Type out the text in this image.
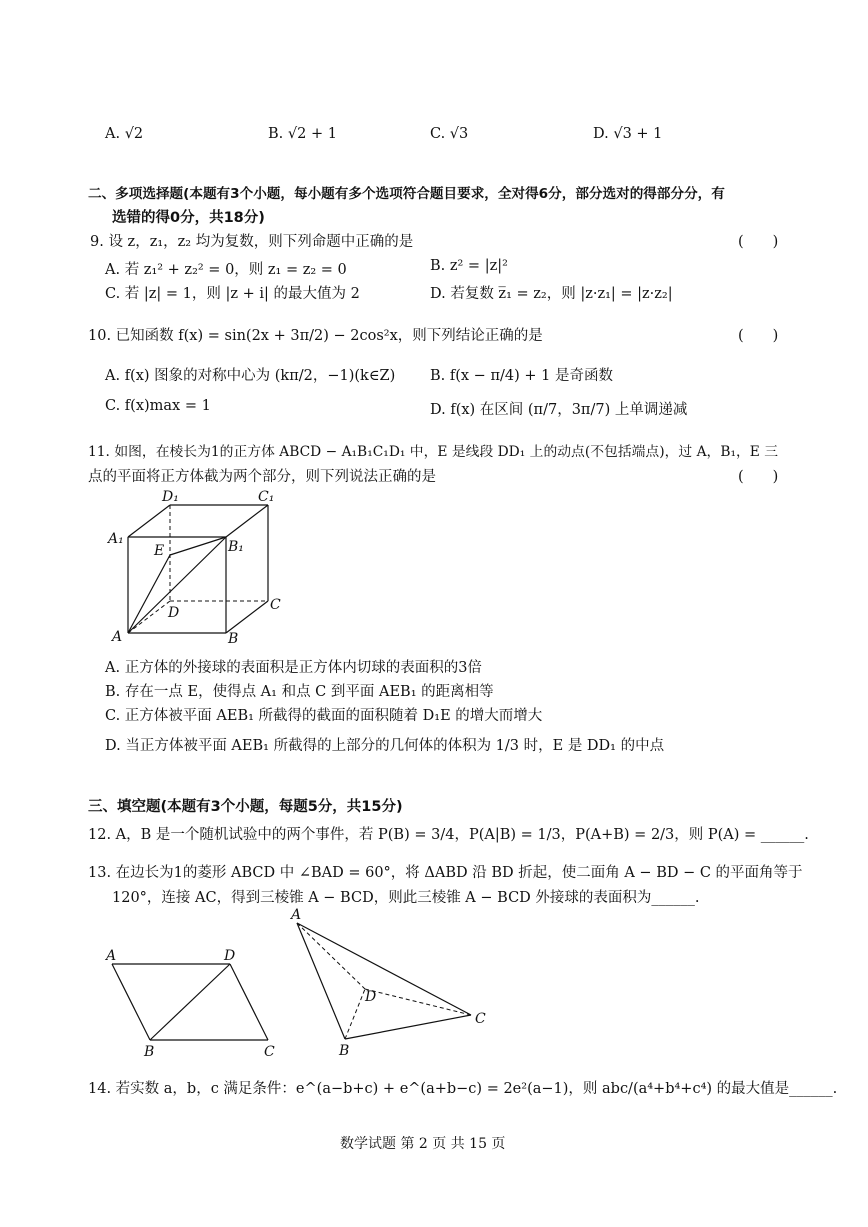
A. √2	B. √2 + 1	C. √3	D. √3 + 1
二、多项选择题(本题有3个小题，每小题有多个选项符合题目要求，全对得6分，部分选对的得部分分，有
选错的得0分，共18分)
9. 设 z，z₁，z₂ 均为复数，则下列命题中正确的是	(　　)
A. 若 z₁² + z₂² = 0，则 z₁ = z₂ = 0	B. z² = |z|²
C. 若 |z| = 1，则 |z + i| 的最大值为 2	D. 若复数 z̅₁ = z₂，则 |z·z₁| = |z·z₂|
10. 已知函数 f(x) = sin(2x + 3π/2) − 2cos²x，则下列结论正确的是	(　　)
A. f(x) 图象的对称中心为 (kπ/2，−1)(k∈Z) B. f(x − π/4) + 1 是奇函数
C. f(x)max = 1	D. f(x) 在区间 (π/7，3π/7) 上单调递减
11. 如图，在棱长为1的正方体 ABCD − A₁B₁C₁D₁ 中，E 是线段 DD₁ 上的动点(不包括端点)，过 A，B₁，E 三
点的平面将正方体截为两个部分，则下列说法正确的是	(　　)
D₁	C₁
A₁	B₁
E
D	C
A	B
A. 正方体的外接球的表面积是正方体内切球的表面积的3倍
B. 存在一点 E，使得点 A₁ 和点 C 到平面 AEB₁ 的距离相等
C. 正方体被平面 AEB₁ 所截得的截面的面积随着 D₁E 的增大而增大
D. 当正方体被平面 AEB₁ 所截得的上部分的几何体的体积为 1/3 时，E 是 DD₁ 的中点
三、填空题(本题有3个小题，每题5分，共15分)
12. A，B 是一个随机试验中的两个事件，若 P(B) = 3/4，P(A|B) = 1/3，P(A+B) = 2/3，则 P(A) = ______.
13. 在边长为1的菱形 ABCD 中 ∠BAD = 60°，将 ΔABD 沿 BD 折起，使二面角 A − BD − C 的平面角等于
120°，连接 AC，得到三棱锥 A − BCD，则此三棱锥 A − BCD 外接球的表面积为______.
A	D
B	C
A
D
C
B
14. 若实数 a，b，c 满足条件：e^(a−b+c) + e^(a+b−c) = 2e²(a−1)，则 abc/(a⁴+b⁴+c⁴) 的最大值是______.
数学试题 第 2 页 共 15 页
